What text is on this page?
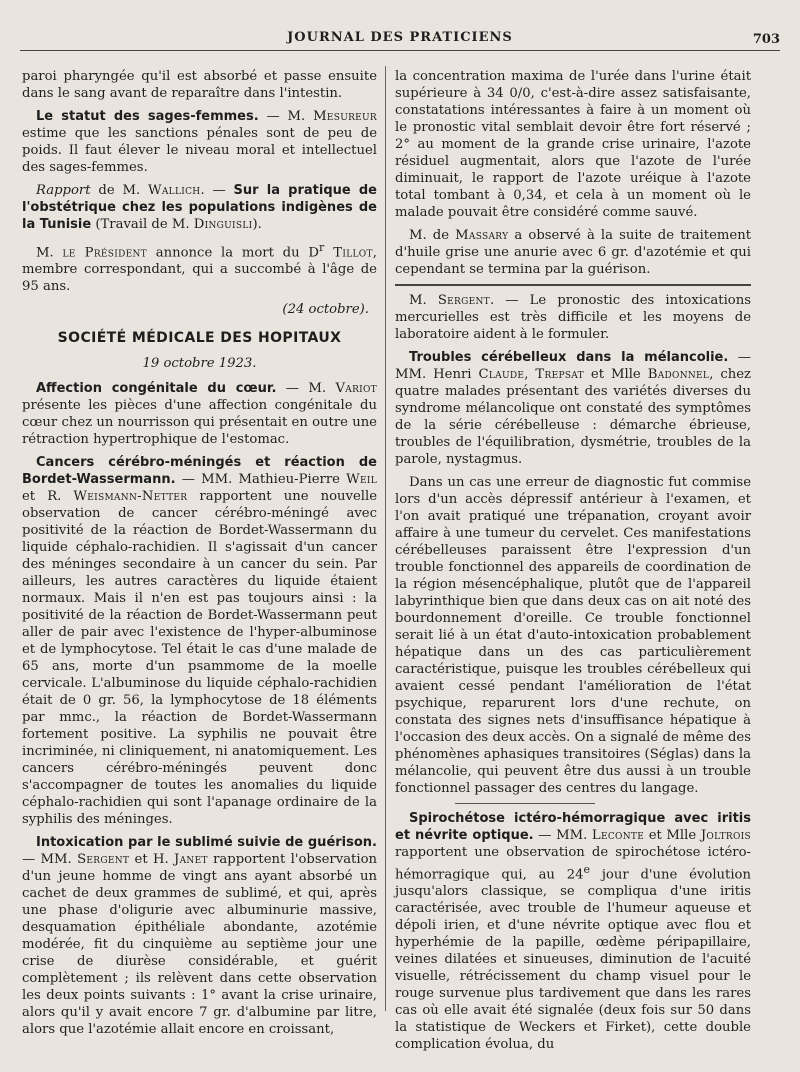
JOURNAL DES PRATICIENS	703

paroi pharyngée qu'il est absorbé et passe ensuite dans le sang avant de reparaître dans l'intestin.

Le statut des sages-femmes. — M. Mesureur estime que les sanctions pénales sont de peu de poids. Il faut élever le niveau moral et intellectuel des sages-femmes.

Rapport de M. Wallich. — Sur la pratique de l'obstétrique chez les populations indigènes de la Tunisie (Travail de M. Dinguisli).

M. le Président annonce la mort du $D^r$ Tillot, membre correspondant, qui a succombé à l'âge de 95 ans.

(24 octobre).
SOCIÉTÉ MÉDICALE DES HOPITAUX
19 octobre 1923.

Affection congénitale du cœur. — M. Variot présente les pièces d'une affection congénitale du cœur chez un nourrisson qui présentait en outre une rétraction hypertrophique de l'estomac.

Cancers cérébro-méningés et réaction de Bordet-Wassermann. — MM. Mathieu-Pierre Weil et R. Weismann-Netter rapportent une nouvelle observation de cancer cérébro-méningé avec positivité de la réaction de Bordet-Wassermann du liquide céphalo-rachidien. Il s'agissait d'un cancer des méninges secondaire à un cancer du sein. Par ailleurs, les autres caractères du liquide étaient normaux. Mais il n'en est pas toujours ainsi : la positivité de la réaction de Bordet-Wassermann peut aller de pair avec l'existence de l'hyper-albuminose et de lymphocytose. Tel était le cas d'une malade de 65 ans, morte d'un psammome de la moelle cervicale. L'albuminose du liquide céphalo-rachidien était de 0 gr. 56, la lymphocytose de 18 éléments par mmc., la réaction de Bordet-Wassermann fortement positive. La syphilis ne pouvait être incriminée, ni cliniquement, ni anatomiquement. Les cancers cérébro-méningés peuvent donc s'accompagner de toutes les anomalies du liquide céphalo-rachidien qui sont l'apanage ordinaire de la syphilis des méninges.

Intoxication par le sublimé suivie de guérison. — MM. Sergent et H. Janet rapportent l'observation d'un jeune homme de vingt ans ayant absorbé un cachet de deux grammes de sublimé, et qui, après une phase d'oligurie avec albuminurie massive, desquamation épithéliale abondante, azotémie modérée, fit du cinquième au septième jour une crise de diurèse considérable, et guérit complètement ; ils relèvent dans cette observation les deux points suivants : 1° avant la crise urinaire, alors qu'il y avait encore 7 gr. d'albumine par litre, alors que l'azotémie allait encore en croissant,

la concentration maxima de l'urée dans l'urine était supérieure à 34 0/0, c'est-à-dire assez satisfaisante, constatations intéressantes à faire à un moment où le pronostic vital semblait devoir être fort réservé ; 2° au moment de la grande crise urinaire, l'azote résiduel augmentait, alors que l'azote de l'urée diminuait, le rapport de l'azote uréique à l'azote total tombant à 0,34, et cela à un moment où le malade pouvait être considéré comme sauvé.

M. de Massary a observé à la suite de traitement d'huile grise une anurie avec 6 gr. d'azotémie et qui cependant se termina par la guérison.

M. Sergent. — Le pronostic des intoxications mercurielles est très difficile et les moyens de laboratoire aident à le formuler.

Troubles cérébelleux dans la mélancolie. — MM. Henri Claude, Trepsat et Mlle Badonnel, chez quatre malades présentant des variétés diverses du syndrome mélancolique ont constaté des symptômes de la série cérébelleuse : démarche ébrieuse, troubles de l'équilibration, dysmétrie, troubles de la parole, nystagmus.

Dans un cas une erreur de diagnostic fut commise lors d'un accès dépressif antérieur à l'examen, et l'on avait pratiqué une trépanation, croyant avoir affaire à une tumeur du cervelet. Ces manifestations cérébelleuses paraissent être l'expression d'un trouble fonctionnel des appareils de coordination de la région mésencéphalique, plutôt que de l'appareil labyrinthique bien que dans deux cas on ait noté des bourdonnement d'oreille. Ce trouble fonctionnel serait lié à un état d'auto-intoxication probablement hépatique dans un des cas particulièrement caractéristique, puisque les troubles cérébelleux qui avaient cessé pendant l'amélioration de l'état psychique, reparurent lors d'une rechute, on constata des signes nets d'insuffisance hépatique à l'occasion des deux accès. On a signalé de même des phénomènes aphasiques transitoires (Séglas) dans la mélancolie, qui peuvent être dus aussi à un trouble fonctionnel passager des centres du langage.

Spirochétose ictéro-hémorragique avec iritis et névrite optique. — MM. Leconte et Mlle Joltrois rapportent une observation de spirochétose ictéro-hémorragique qui, au 24e jour d'une évolution jusqu'alors classique, se compliqua d'une iritis caractérisée, avec trouble de l'humeur aqueuse et dépoli irien, et d'une névrite optique avec flou et hyperhémie de la papille, œdème péripapillaire, veines dilatées et sinueuses, diminution de l'acuité visuelle, rétrécissement du champ visuel pour le rouge survenue plus tardivement que dans les rares cas où elle avait été signalée (deux fois sur 50 dans la statistique de Weckers et Firket), cette double complication évolua, du
